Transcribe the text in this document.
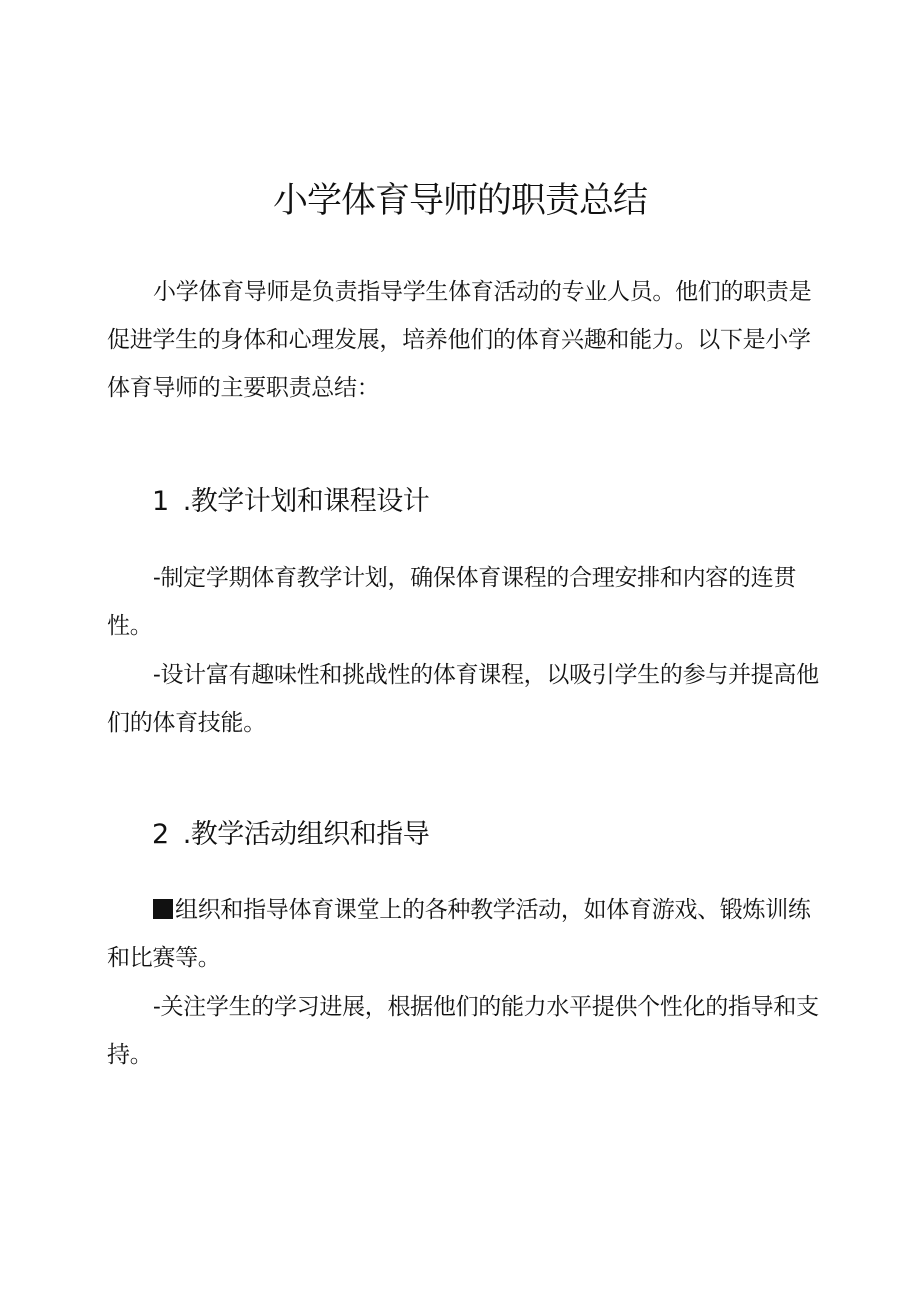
小学体育导师的职责总结

小学体育导师是负责指导学生体育活动的专业人员。他们的职责是促进学生的身体和心理发展，培养他们的体育兴趣和能力。以下是小学体育导师的主要职责总结：

1 .教学计划和课程设计

-制定学期体育教学计划，确保体育课程的合理安排和内容的连贯性。

-设计富有趣味性和挑战性的体育课程，以吸引学生的参与并提高他们的体育技能。

2 .教学活动组织和指导

组织和指导体育课堂上的各种教学活动，如体育游戏、锻炼训练和比赛等。

-关注学生的学习进展，根据他们的能力水平提供个性化的指导和支持。
